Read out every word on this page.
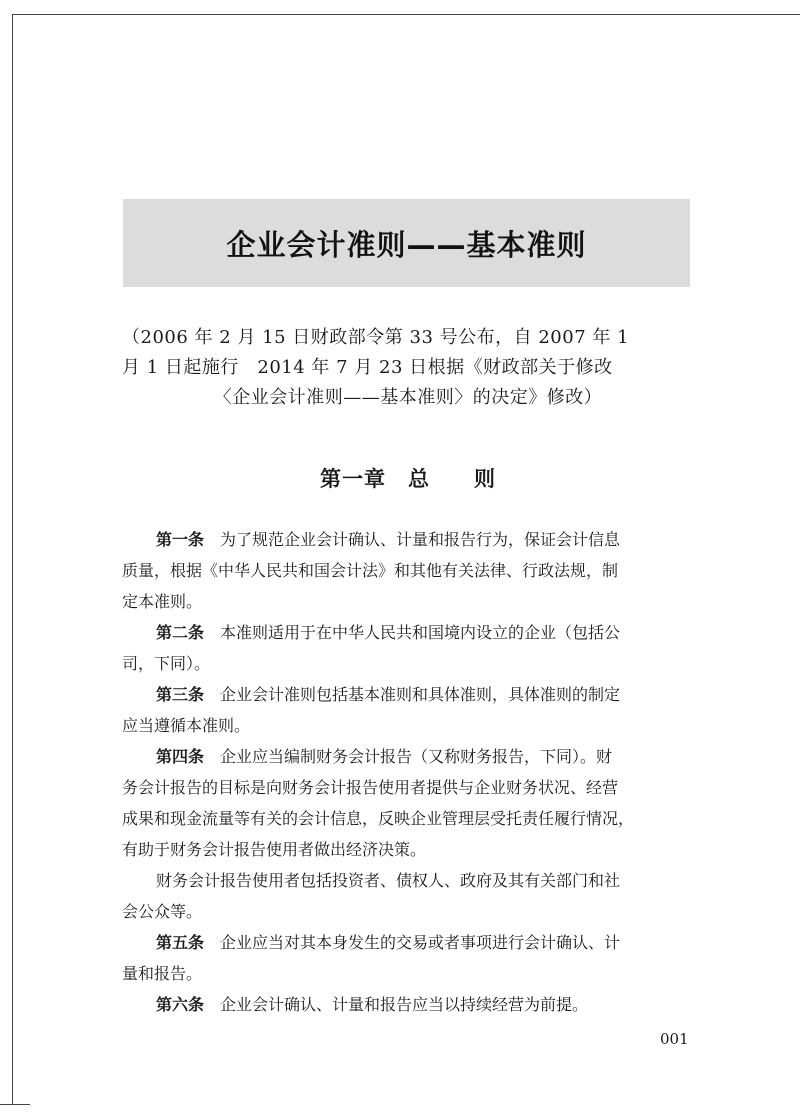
企业会计准则——基本准则
（2006 年 2 月 15 日财政部令第 33 号公布，自 2007 年 1
月 1 日起施行　2014 年 7 月 23 日根据《财政部关于修改
〈企业会计准则——基本准则〉的决定》修改）
第一章　总　　则
第一条　 为了规范企业会计确认、计量和报告行为，保证会计信息
质量，根据《中华人民共和国会计法》和其他有关法律、行政法规，制
定本准则。
第二条　 本准则适用于在中华人民共和国境内设立的企业（包括公
司，下同）。
第三条　 企业会计准则包括基本准则和具体准则，具体准则的制定
应当遵循本准则。
第四条　 企业应当编制财务会计报告（又称财务报告，下同）。财
务会计报告的目标是向财务会计报告使用者提供与企业财务状况、经营
成果和现金流量等有关的会计信息，反映企业管理层受托责任履行情况，
有助于财务会计报告使用者做出经济决策。
财务会计报告使用者包括投资者、债权人、政府及其有关部门和社
会公众等。
第五条　 企业应当对其本身发生的交易或者事项进行会计确认、计
量和报告。
第六条　 企业会计确认、计量和报告应当以持续经营为前提。
001
